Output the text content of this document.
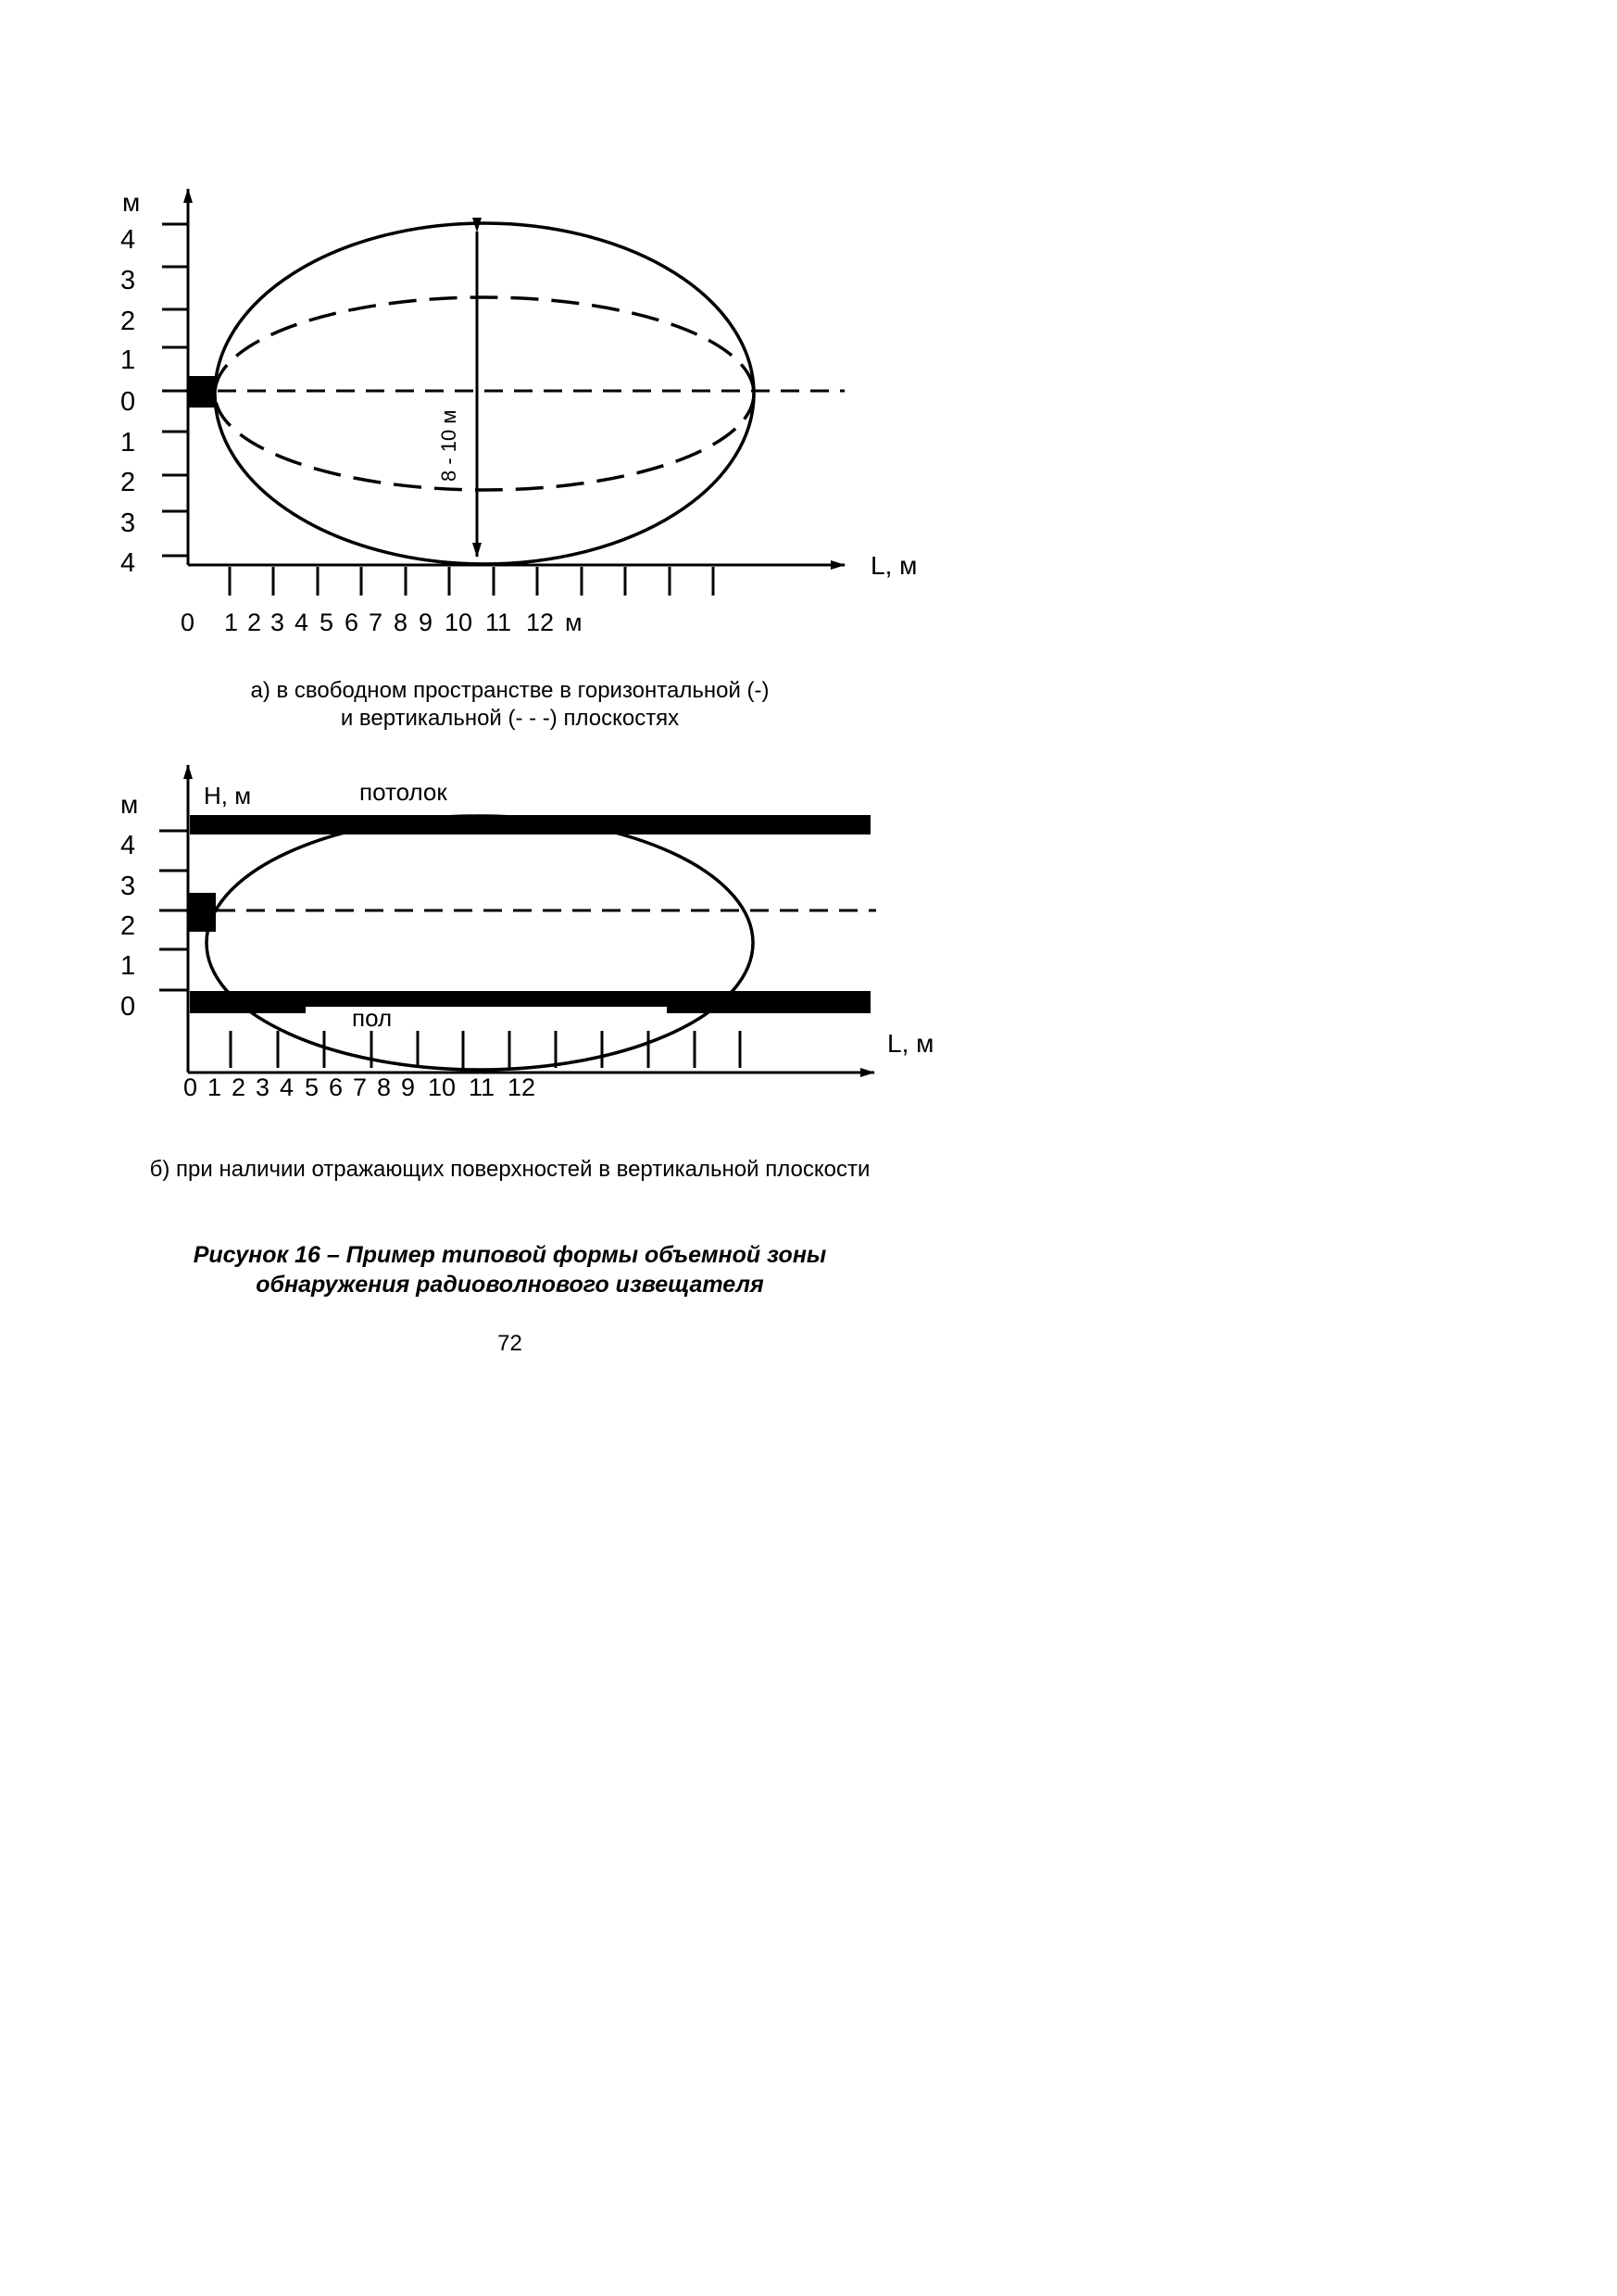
м
4
3
2
1
0
1
2
3
4
0 1 2 3 4 5 6 7 8 9 10 11 12 м
L, м
8 - 10 м
м	Н, м	потолок
4
3
2
1
0	пол
0 1 2 3 4 5 6 7 8 9 10 11 12
L, м
а) в свободном пространстве в горизонтальной (-)
и вертикальной (- - -) плоскостях
б) при наличии отражающих поверхностей в вертикальной плоскости
Рисунок 16 – Пример типовой формы объемной зоны
обнаружения радиоволнового извещателя
72
